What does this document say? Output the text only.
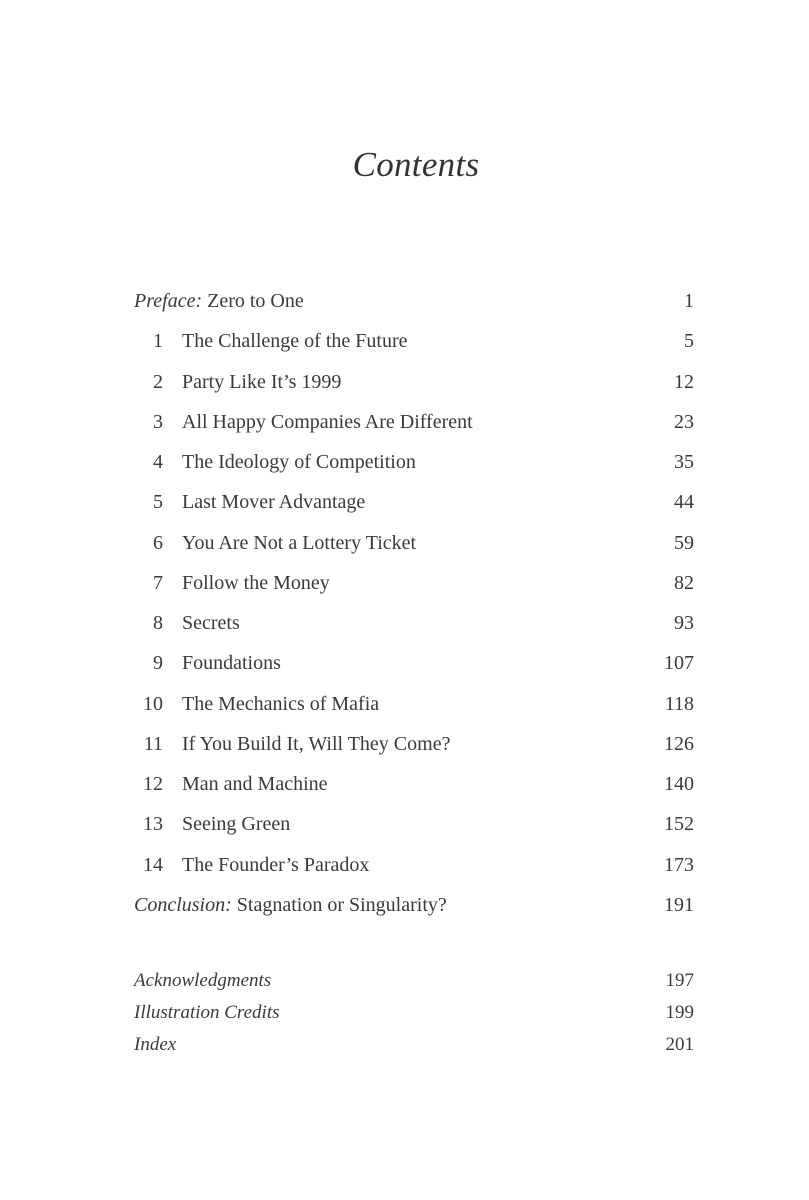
Contents
Preface: Zero to One	1
1 The Challenge of the Future	5
2 Party Like It’s 1999	12
3 All Happy Companies Are Different	23
4 The Ideology of Competition	35
5 Last Mover Advantage	44
6 You Are Not a Lottery Ticket	59
7 Follow the Money	82
8 Secrets	93
9 Foundations	107
10 The Mechanics of Mafia	118
11 If You Build It, Will They Come?	126
12 Man and Machine	140
13 Seeing Green	152
14 The Founder’s Paradox	173
Conclusion: Stagnation or Singularity?	191
Acknowledgments	197
Illustration Credits	199
Index	201
